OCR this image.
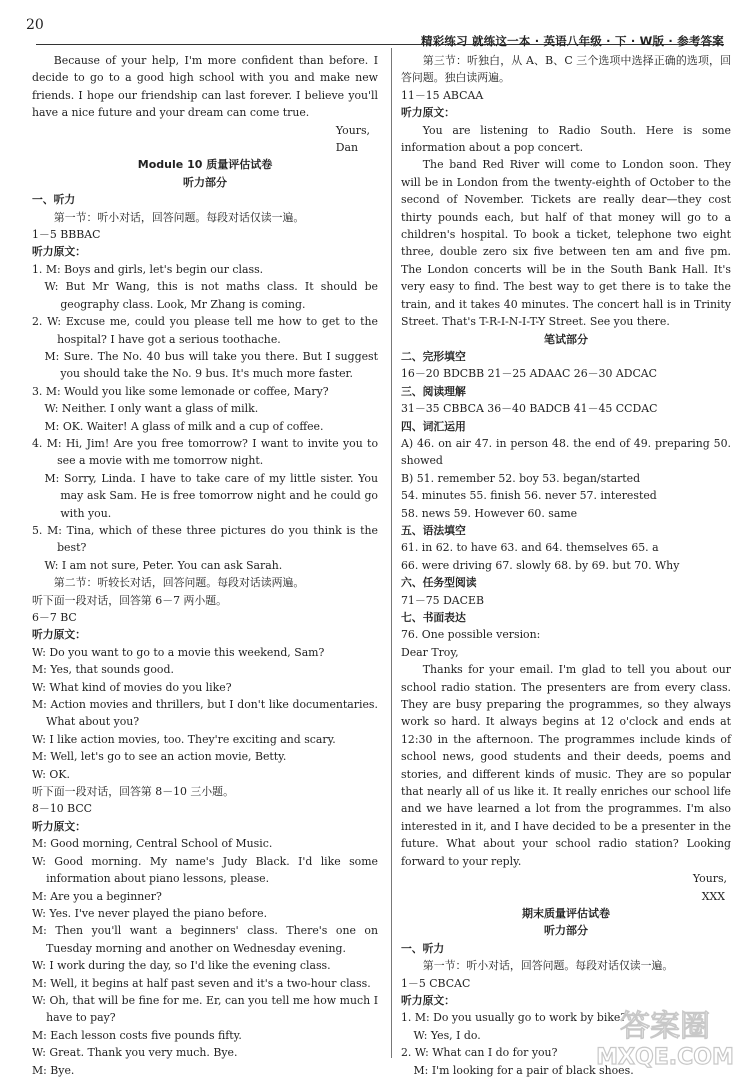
20
精彩练习 就练这一本 · 英语八年级 · 下 · W版 · 参考答案

Because of your help, I'm more confident than before. I decide to go to a good high school with you and make new friends. I hope our friendship can last forever. I believe you'll have a nice future and your dream can come true.

Yours,

Dan

Module 10 质量评估试卷

听力部分

一、听力

第一节：听小对话，回答问题。每段对话仅读一遍。

1－5 BBBAC

听力原文：

1. M: Boys and girls, let's begin our class.

W: But Mr Wang, this is not maths class. It should be geography class. Look, Mr Zhang is coming.

2. W: Excuse me, could you please tell me how to get to the hospital? I have got a serious toothache.

M: Sure. The No. 40 bus will take you there. But I suggest you should take the No. 9 bus. It's much more faster.

3. M: Would you like some lemonade or coffee, Mary?

W: Neither. I only want a glass of milk.

M: OK. Waiter! A glass of milk and a cup of coffee.

4. M: Hi, Jim! Are you free tomorrow? I want to invite you to see a movie with me tomorrow night.

M: Sorry, Linda. I have to take care of my little sister. You may ask Sam. He is free tomorrow night and he could go with you.

5. M: Tina, which of these three pictures do you think is the best?

W: I am not sure, Peter. You can ask Sarah.

第二节：听较长对话，回答问题。每段对话读两遍。

听下面一段对话，回答第 6－7 两小题。

6－7 BC

听力原文：

W: Do you want to go to a movie this weekend, Sam?

M: Yes, that sounds good.

W: What kind of movies do you like?

M: Action movies and thrillers, but I don't like documentaries. What about you?

W: I like action movies, too. They're exciting and scary.

M: Well, let's go to see an action movie, Betty.

W: OK.

听下面一段对话，回答第 8－10 三小题。

8－10 BCC

听力原文：

M: Good morning, Central School of Music.

W: Good morning. My name's Judy Black. I'd like some information about piano lessons, please.

M: Are you a beginner?

W: Yes. I've never played the piano before.

M: Then you'll want a beginners' class. There's one on Tuesday morning and another on Wednesday evening.

W: I work during the day, so I'd like the evening class.

M: Well, it begins at half past seven and it's a two-hour class.

W: Oh, that will be fine for me. Er, can you tell me how much I have to pay?

M: Each lesson costs five pounds fifty.

W: Great. Thank you very much. Bye.

M: Bye.

第三节：听独白，从 A、B、C 三个选项中选择正确的选项，回答问题。独白读两遍。

11－15 ABCAA

听力原文：

You are listening to Radio South. Here is some information about a pop concert.

The band Red River will come to London soon. They will be in London from the twenty-eighth of October to the second of November. Tickets are really dear—they cost thirty pounds each, but half of that money will go to a children's hospital. To book a ticket, telephone two eight three, double zero six five between ten am and five pm. The London concerts will be in the South Bank Hall. It's very easy to find. The best way to get there is to take the train, and it takes 40 minutes. The concert hall is in Trinity Street. That's T-R-I-N-I-T-Y Street. See you there.

笔试部分

二、完形填空

16－20 BDCBB 21－25 ADAAC 26－30 ADCAC

三、阅读理解

31－35 CBBCA 36－40 BADCB 41－45 CCDAC

四、词汇运用

A) 46. on air 47. in person 48. the end of 49. preparing 50. showed

B) 51. remember 52. boy 53. began/started

54. minutes 55. finish 56. never 57. interested

58. news 59. However 60. same

五、语法填空

61. in 62. to have 63. and 64. themselves 65. a

66. were driving 67. slowly 68. by 69. but 70. Why

六、任务型阅读

71－75 DACEB

七、书面表达

76. One possible version:

Dear Troy,

Thanks for your email. I'm glad to tell you about our school radio station. The presenters are from every class. They are busy preparing the programmes, so they always work so hard. It always begins at 12 o'clock and ends at 12:30 in the afternoon. The programmes include kinds of school news, good students and their deeds, poems and stories, and different kinds of music. They are so popular that nearly all of us like it. It really enriches our school life and we have learned a lot from the programmes. I'm also interested in it, and I have decided to be a presenter in the future. What about your school radio station? Looking forward to your reply.

Yours,

XXX

期末质量评估试卷

听力部分

一、听力

第一节：听小对话，回答问题。每段对话仅读一遍。

1－5 CBCAC

听力原文：

1. M: Do you usually go to work by bike?

W: Yes, I do.

2. W: What can I do for you?

M: I'm looking for a pair of black shoes.

答案圈
MXQE.COM
